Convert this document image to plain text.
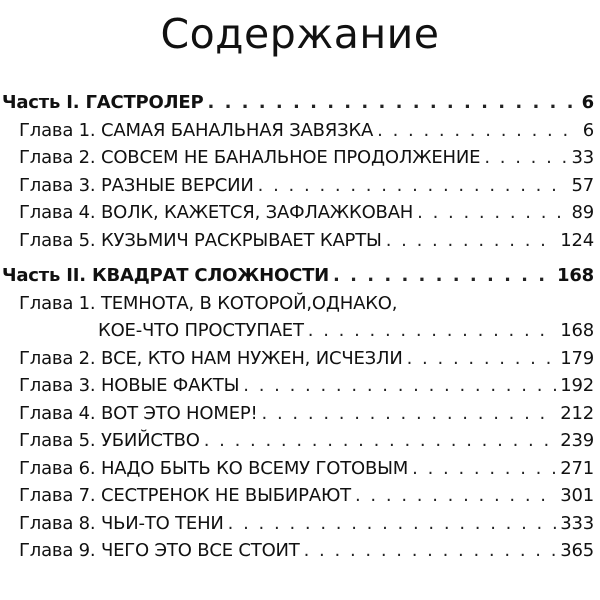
Содержание
Часть I. ГАСТРОЛЕР . . .	6
Глава 1. САМАЯ БАНАЛЬНАЯ ЗАВЯЗКА . . .	6
Глава 2. СОВСЕМ НЕ БАНАЛЬНОЕ ПРОДОЛЖЕНИЕ . . .	33
Глава 3. РАЗНЫЕ ВЕРСИИ . . .	57
Глава 4. ВОЛК, КАЖЕТСЯ, ЗАФЛАЖКОВАН . . .	89
Глава 5. КУЗЬМИЧ РАСКРЫВАЕТ КАРТЫ . . .	124
Часть II. КВАДРАТ СЛОЖНОСТИ . . .	168
Глава 1. ТЕМНОТА, В КОТОРОЙ,ОДНАКО,
КОЕ-ЧТО ПРОСТУПАЕТ . . .	168
Глава 2. ВСЕ, КТО НАМ НУЖЕН, ИСЧЕЗЛИ . . .	179
Глава 3. НОВЫЕ ФАКТЫ . . .	192
Глава 4. ВОТ ЭТО НОМЕР! . . .	212
Глава 5. УБИЙСТВО . . .	239
Глава 6. НАДО БЫТЬ КО ВСЕМУ ГОТОВЫМ . . .	271
Глава 7. СЕСТРЕНОК НЕ ВЫБИРАЮТ . . .	301
Глава 8. ЧЬИ-ТО ТЕНИ . . .	333
Глава 9. ЧЕГО ЭТО ВСЕ СТОИТ . . .	365
